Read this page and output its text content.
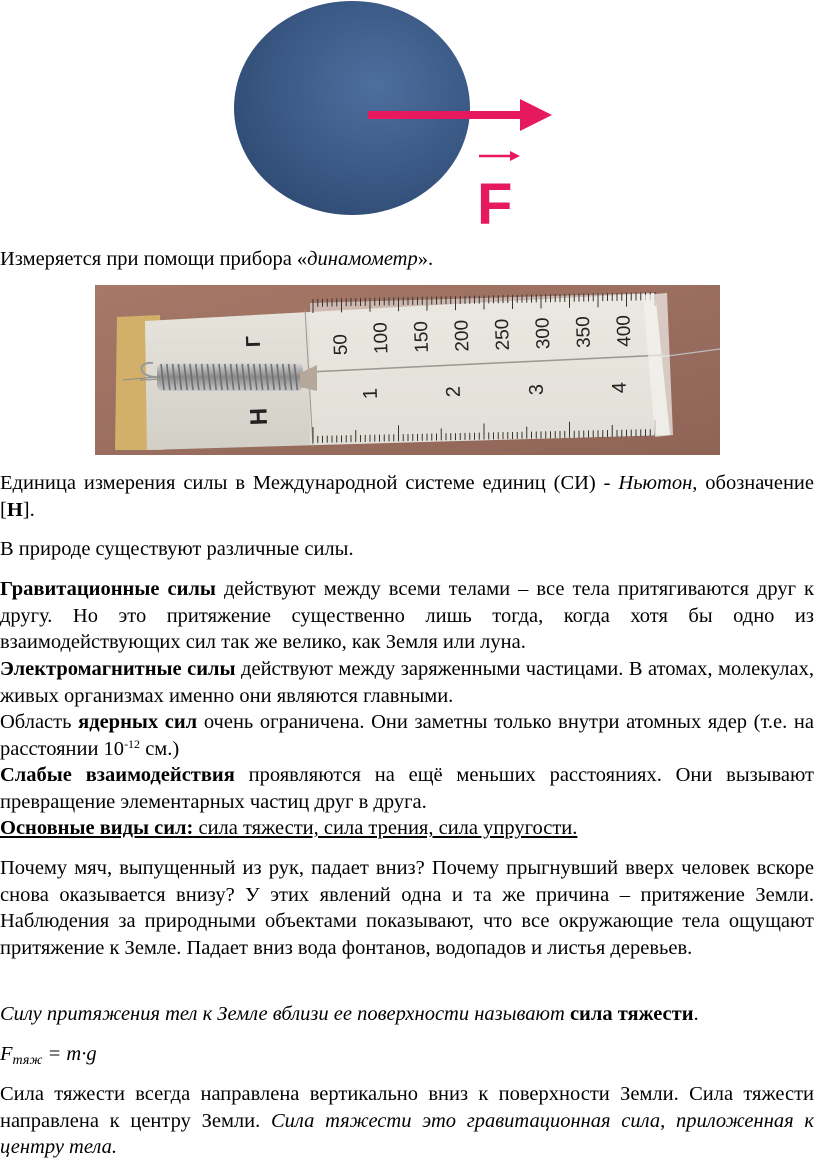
F

Измеряется при помощи прибора «динамометр».

50 100 150 200 250 300 350 400
1	2	3	4
Г
Н

Единица измерения силы в Международной системе единиц (СИ) - Ньютон, обозначение [Н].

В природе существуют различные силы.

Гравитационные силы действуют между всеми телами – все тела притягиваются друг к другу. Но это притяжение существенно лишь тогда, когда хотя бы одно из взаимодействующих сил так же велико, как Земля или луна.

Электромагнитные силы действуют между заряженными частицами. В атомах, молекулах, живых организмах именно они являются главными.

Область ядерных сил очень ограничена. Они заметны только внутри атомных ядер (т.е. на расстоянии $10^{-12}$ см.)

Слабые взаимодействия проявляются на ещё меньших расстояниях. Они вызывают превращение элементарных частиц друг в друга.

Основные виды сил: сила тяжести, сила трения, сила упругости.

Почему мяч, выпущенный из рук, падает вниз? Почему прыгнувший вверх человек вскоре снова оказывается внизу? У этих явлений одна и та же причина – притяжение Земли. Наблюдения за природными объектами показывают, что все окружающие тела ощущают притяжение к Земле. Падает вниз вода фонтанов, водопадов и листья деревьев.

Силу притяжения тел к Земле вблизи ее поверхности называют сила тяжести.

$F_{тяж} = m\cdot g$

Сила тяжести всегда направлена вертикально вниз к поверхности Земли. Сила тяжести направлена к центру Земли. Сила тяжести это гравитационная сила, приложенная к центру тела.
